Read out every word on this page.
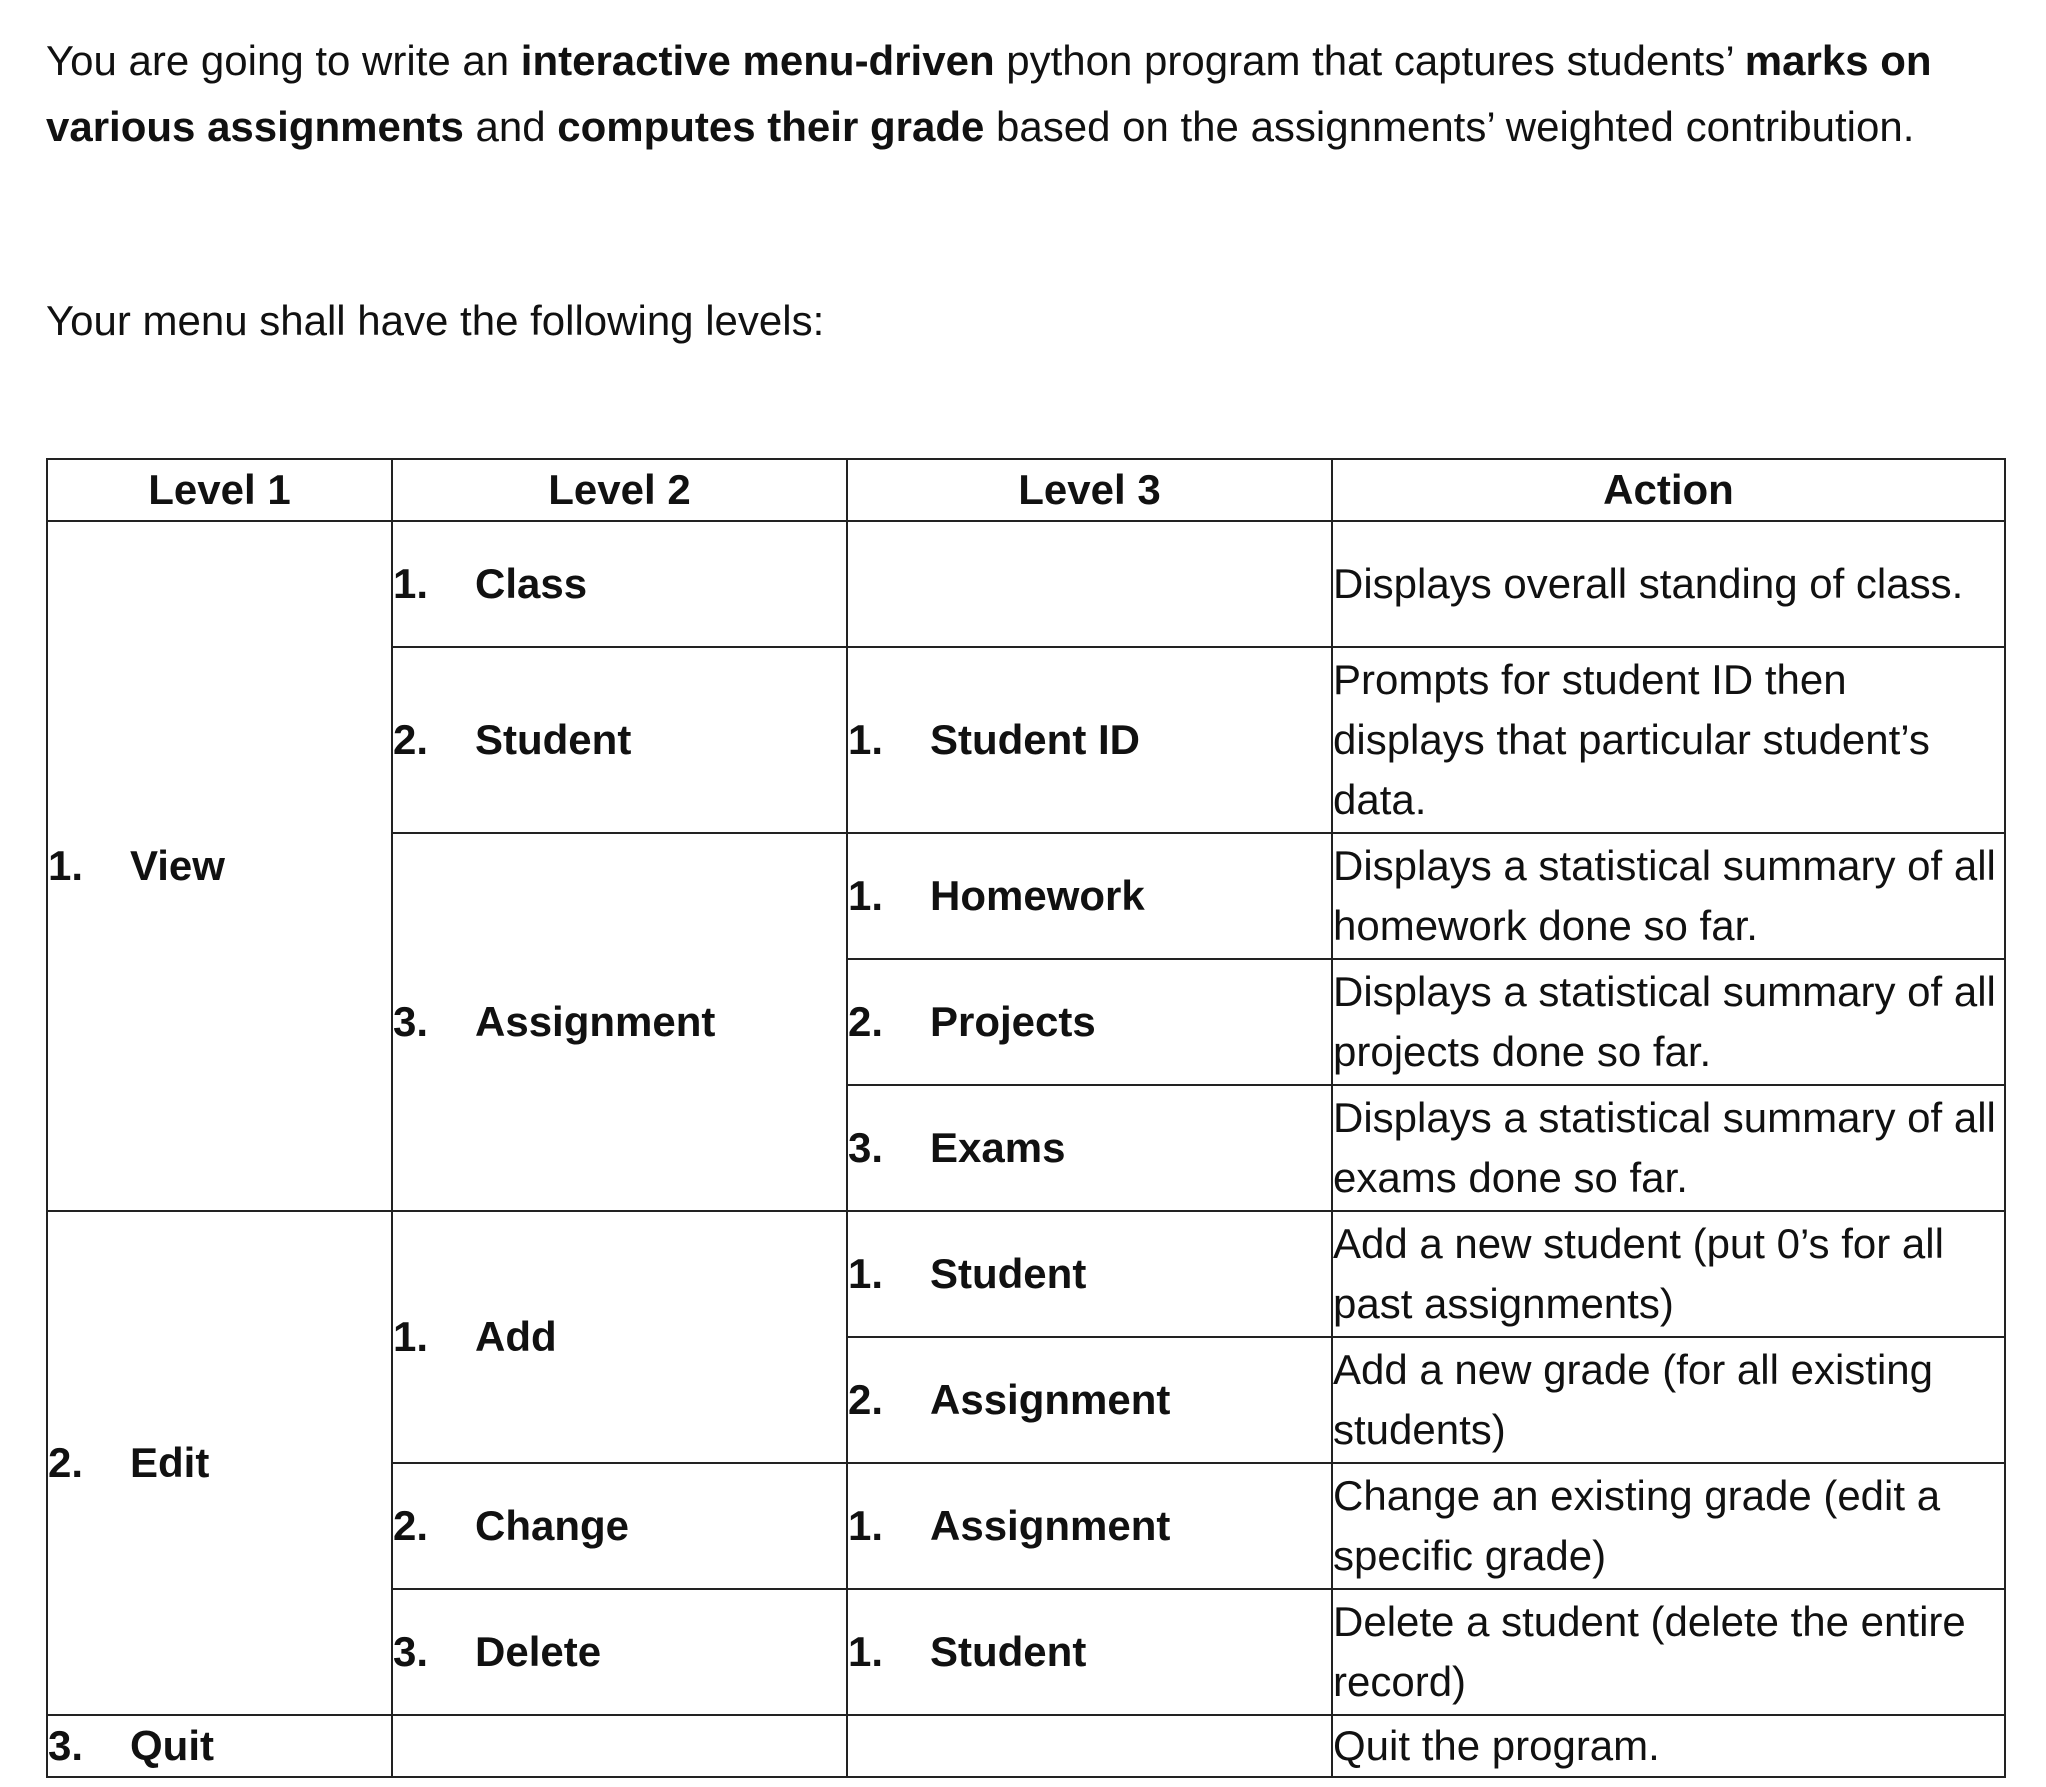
You are going to write an interactive menu-driven python program that captures students’ marks on various assignments and computes their grade based on the assignments’ weighted contribution.

Your menu shall have the following levels:

Level 1	Level 2	Level 3	Action
1. View	1. Class		Displays overall standing of class.
	2. Student	1. Student ID	Prompts for student ID then displays that particular student’s data.
	3. Assignment	1. Homework	Displays a statistical summary of all homework done so far.
		2. Projects	Displays a statistical summary of all projects done so far.
		3. Exams	Displays a statistical summary of all exams done so far.
2. Edit	1. Add	1. Student	Add a new student (put 0’s for all past assignments)
		2. Assignment	Add a new grade (for all existing students)
	2. Change	1. Assignment	Change an existing grade (edit a specific grade)
	3. Delete	1. Student	Delete a student (delete the entire record)
3. Quit			Quit the program.
